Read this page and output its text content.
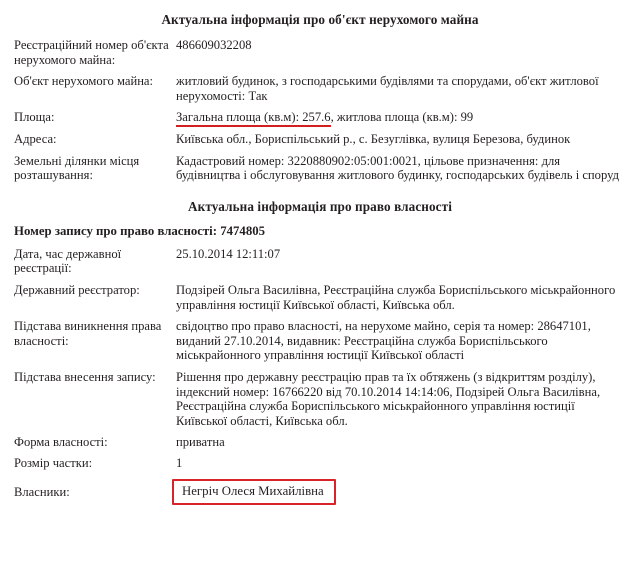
Актуальна інформація про об'єкт нерухомого майна
Реєстраційний номер об'єкта нерухомого майна:
486609032208
Об'єкт нерухомого майна:	житловий будинок, з господарськими будівлями та спорудами, об'єкт житлової нерухомості: Так
Площа:	Загальна площа (кв.м): 257.6, житлова площа (кв.м): 99
Адреса:	Київська обл., Бориспільський р., с. Безуглівка, вулиця Березова, будинок
Земельні ділянки місця розташування:
Кадастровий номер: 3220880902:05:001:0021, цільове призначення: для будівництва і обслуговування житлового будинку, господарських будівель і споруд
Актуальна інформація про право власності
Номер запису про право власності: 7474805
Дата, час державної реєстрації:
25.10.2014 12:11:07
Державний реєстратор:	Подзірей Ольга Василівна, Реєстраційна служба Бориспільського міськрайонного управління юстиції Київської області, Київська обл.
Підстава виникнення права власності:
свідоцтво про право власності, на нерухоме майно, серія та номер: 28647101, виданий 27.10.2014, видавник: Реєстраційна служба Бориспільського міськрайонного управління юстиції Київської області
Підстава внесення запису:	Рішення про державну реєстрацію прав та їх обтяжень (з відкриттям розділу), індексний номер: 16766220 від 70.10.2014 14:14:06, Подзірей Ольга Василівна, Реєстраційна служба Бориспільського міськрайонного управління юстиції Київської області, Київська обл.
Форма власності:	приватна
Розмір частки:	1
Власники:	Негріч Олеся Михайлівна
